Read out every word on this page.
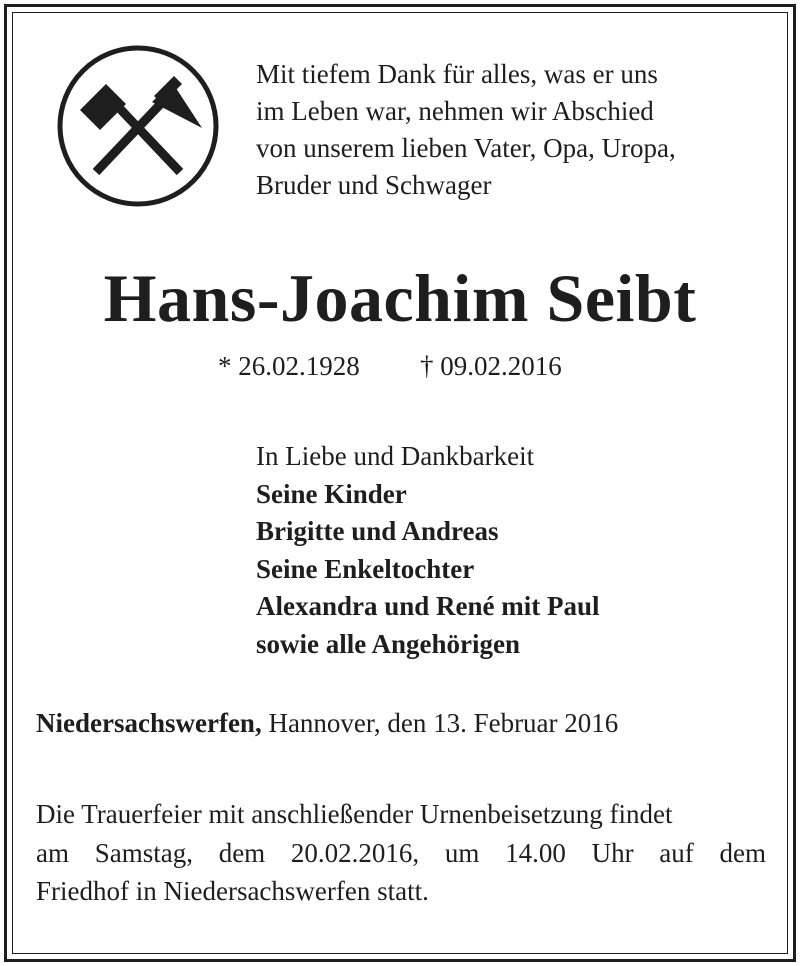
Mit tiefem Dank für alles, was er uns
im Leben war, nehmen wir Abschied
von unserem lieben Vater, Opa, Uropa,
Bruder und Schwager
Hans-Joachim Seibt
* 26.02.1928 † 09.02.2016
In Liebe und Dankbarkeit
Seine Kinder
Brigitte und Andreas
Seine Enkeltochter
Alexandra und René mit Paul
sowie alle Angehörigen
Niedersachswerfen, Hannover, den 13. Februar 2016
Die Trauerfeier mit anschließender Urnenbeisetzung findet
am Samstag, dem 20.02.2016, um 14.00 Uhr auf dem
Friedhof in Niedersachswerfen statt.
